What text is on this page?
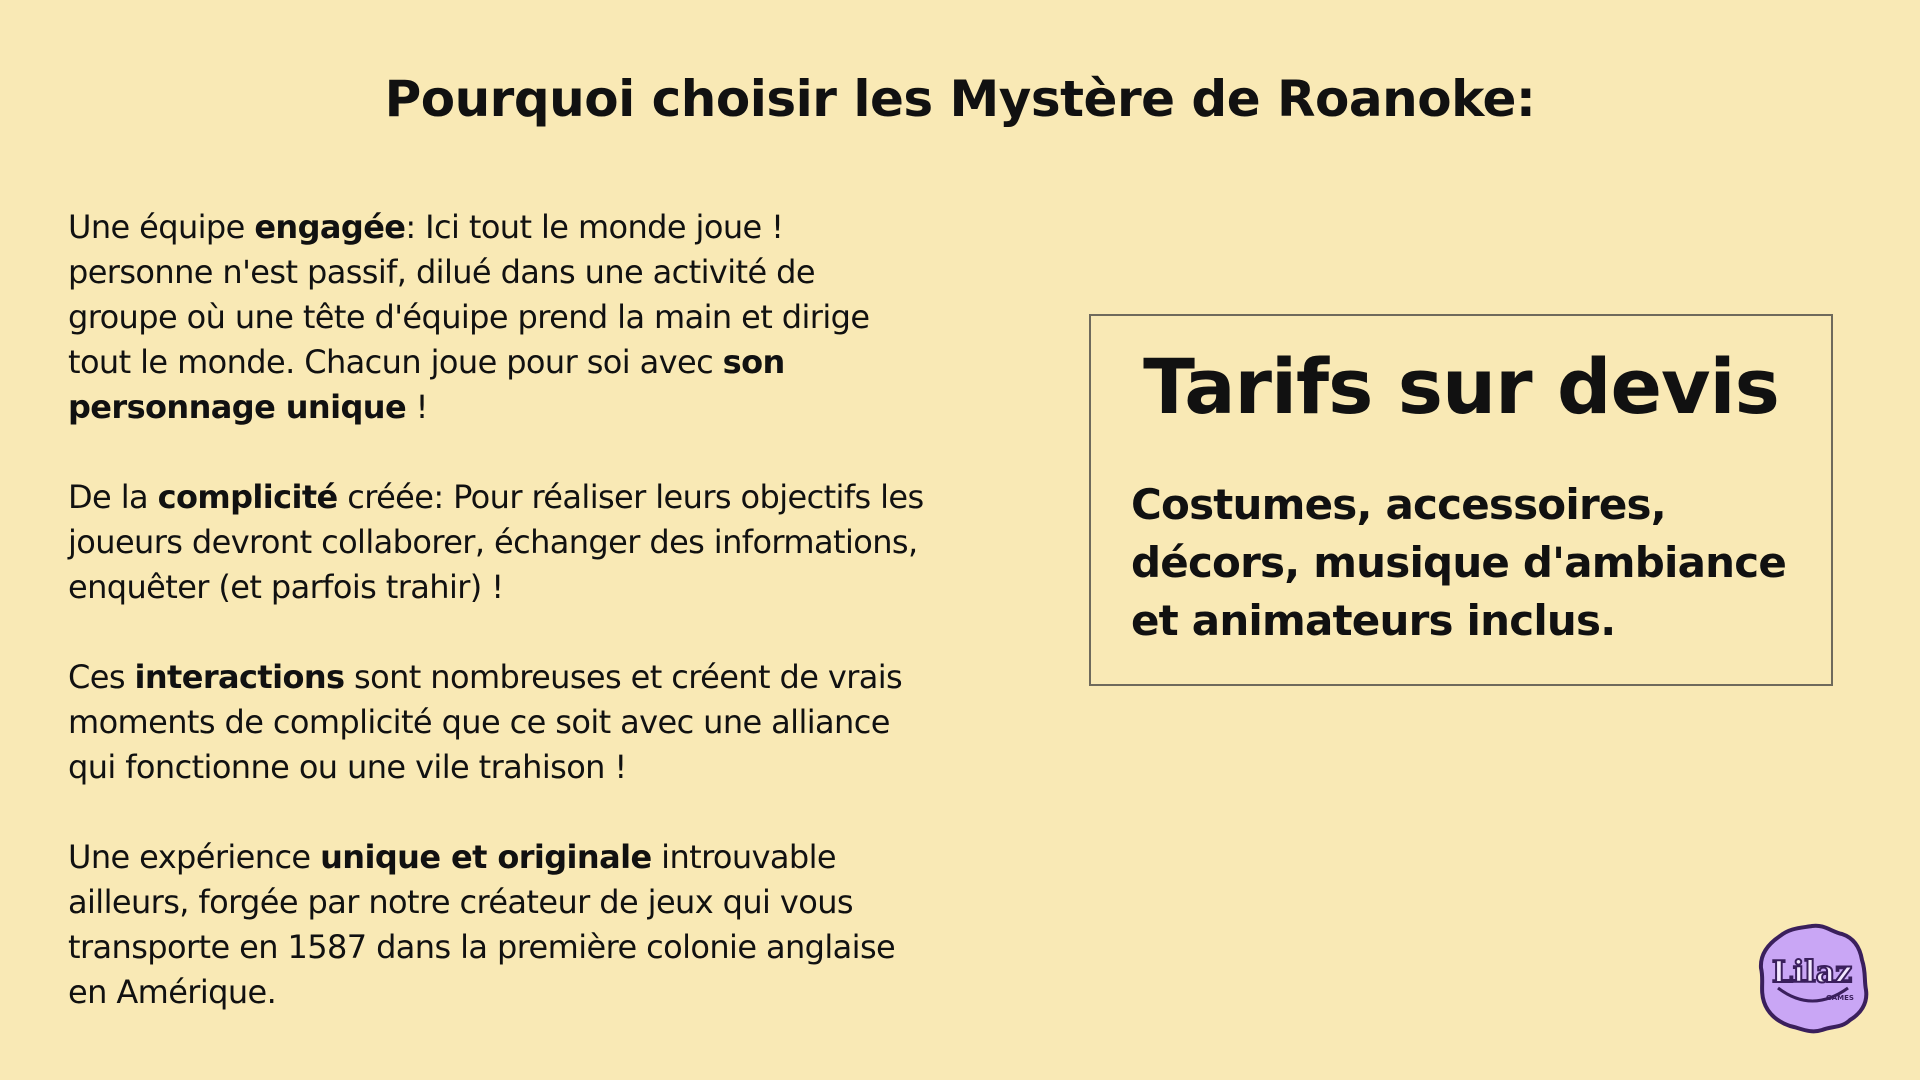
Pourquoi choisir les Mystère de Roanoke:

Une équipe engagée: Ici tout le monde joue ! personne n'est passif, dilué dans une activité de groupe où une tête d'équipe prend la main et dirige tout le monde. Chacun joue pour soi avec son personnage unique !

De la complicité créée: Pour réaliser leurs objectifs les joueurs devront collaborer, échanger des informations, enquêter (et parfois trahir) !

Ces interactions sont nombreuses et créent de vrais moments de complicité que ce soit avec une alliance qui fonctionne ou une vile trahison !

Une expérience unique et originale introuvable ailleurs, forgée par notre créateur de jeux qui vous transporte en 1587 dans la première colonie anglaise en Amérique.

Tarifs sur devis

Costumes, accessoires, décors, musique d'ambiance et animateurs inclus.

Lilaz
GAMES
